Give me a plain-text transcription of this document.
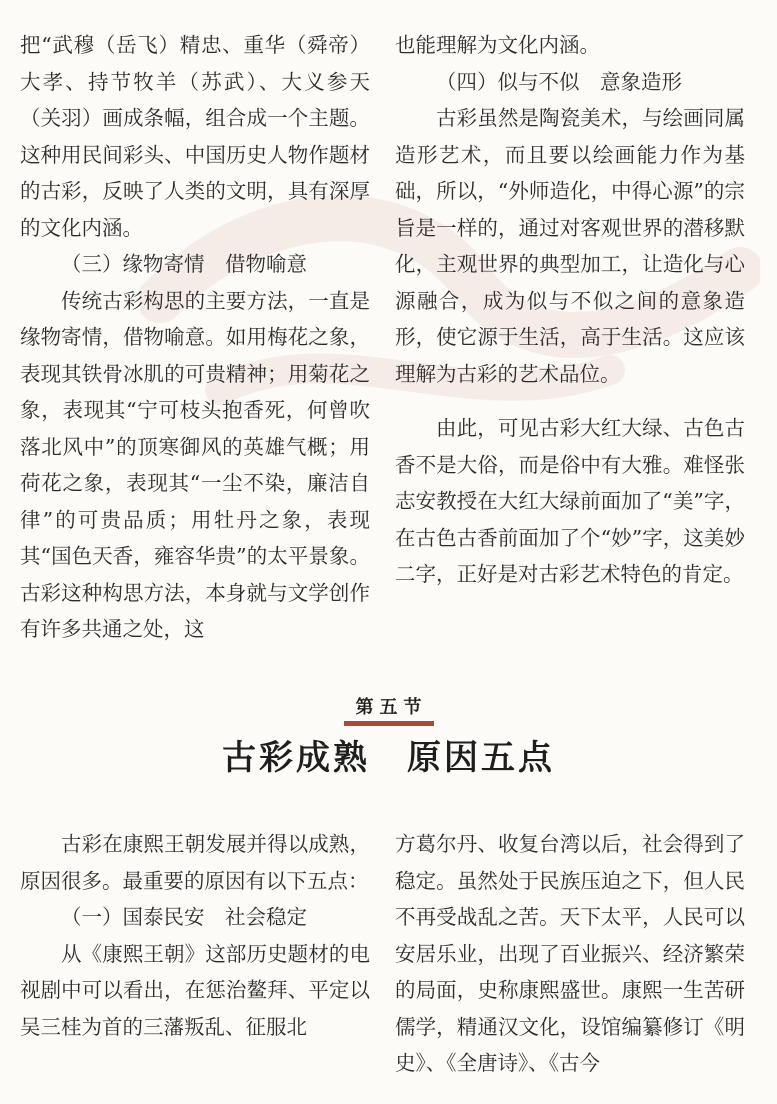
把“武穆（岳飞）精忠、重华（舜帝）大孝、持节牧羊（苏武）、大义参天（关羽）画成条幅，组合成一个主题。这种用民间彩头、中国历史人物作题材的古彩，反映了人类的文明，具有深厚的文化内涵。

（三）缘物寄情　借物喻意

传统古彩构思的主要方法，一直是缘物寄情，借物喻意。如用梅花之象，表现其铁骨冰肌的可贵精神；用菊花之象，表现其“宁可枝头抱香死，何曾吹落北风中”的顶寒御风的英雄气概；用荷花之象，表现其“一尘不染，廉洁自律”的可贵品质；用牡丹之象，表现其“国色天香，雍容华贵”的太平景象。古彩这种构思方法，本身就与文学创作有许多共通之处，这

也能理解为文化内涵。

（四）似与不似　意象造形

古彩虽然是陶瓷美术，与绘画同属造形艺术，而且要以绘画能力作为基础，所以，“外师造化，中得心源”的宗旨是一样的，通过对客观世界的潜移默化，主观世界的典型加工，让造化与心源融合，成为似与不似之间的意象造形，使它源于生活，高于生活。这应该理解为古彩的艺术品位。

由此，可见古彩大红大绿、古色古香不是大俗，而是俗中有大雅。难怪张志安教授在大红大绿前面加了“美”字，在古色古香前面加了个“妙”字，这美妙二字，正好是对古彩艺术特色的肯定。

第五节
古彩成熟　原因五点

古彩在康熙王朝发展并得以成熟，原因很多。最重要的原因有以下五点：

（一）国泰民安　社会稳定

从《康熙王朝》这部历史题材的电视剧中可以看出，在惩治鳌拜、平定以吴三桂为首的三藩叛乱、征服北

方葛尔丹、收复台湾以后，社会得到了稳定。虽然处于民族压迫之下，但人民不再受战乱之苦。天下太平，人民可以安居乐业，出现了百业振兴、经济繁荣的局面，史称康熙盛世。康熙一生苦研儒学，精通汉文化，设馆编纂修订《明史》、《全唐诗》、《古今
